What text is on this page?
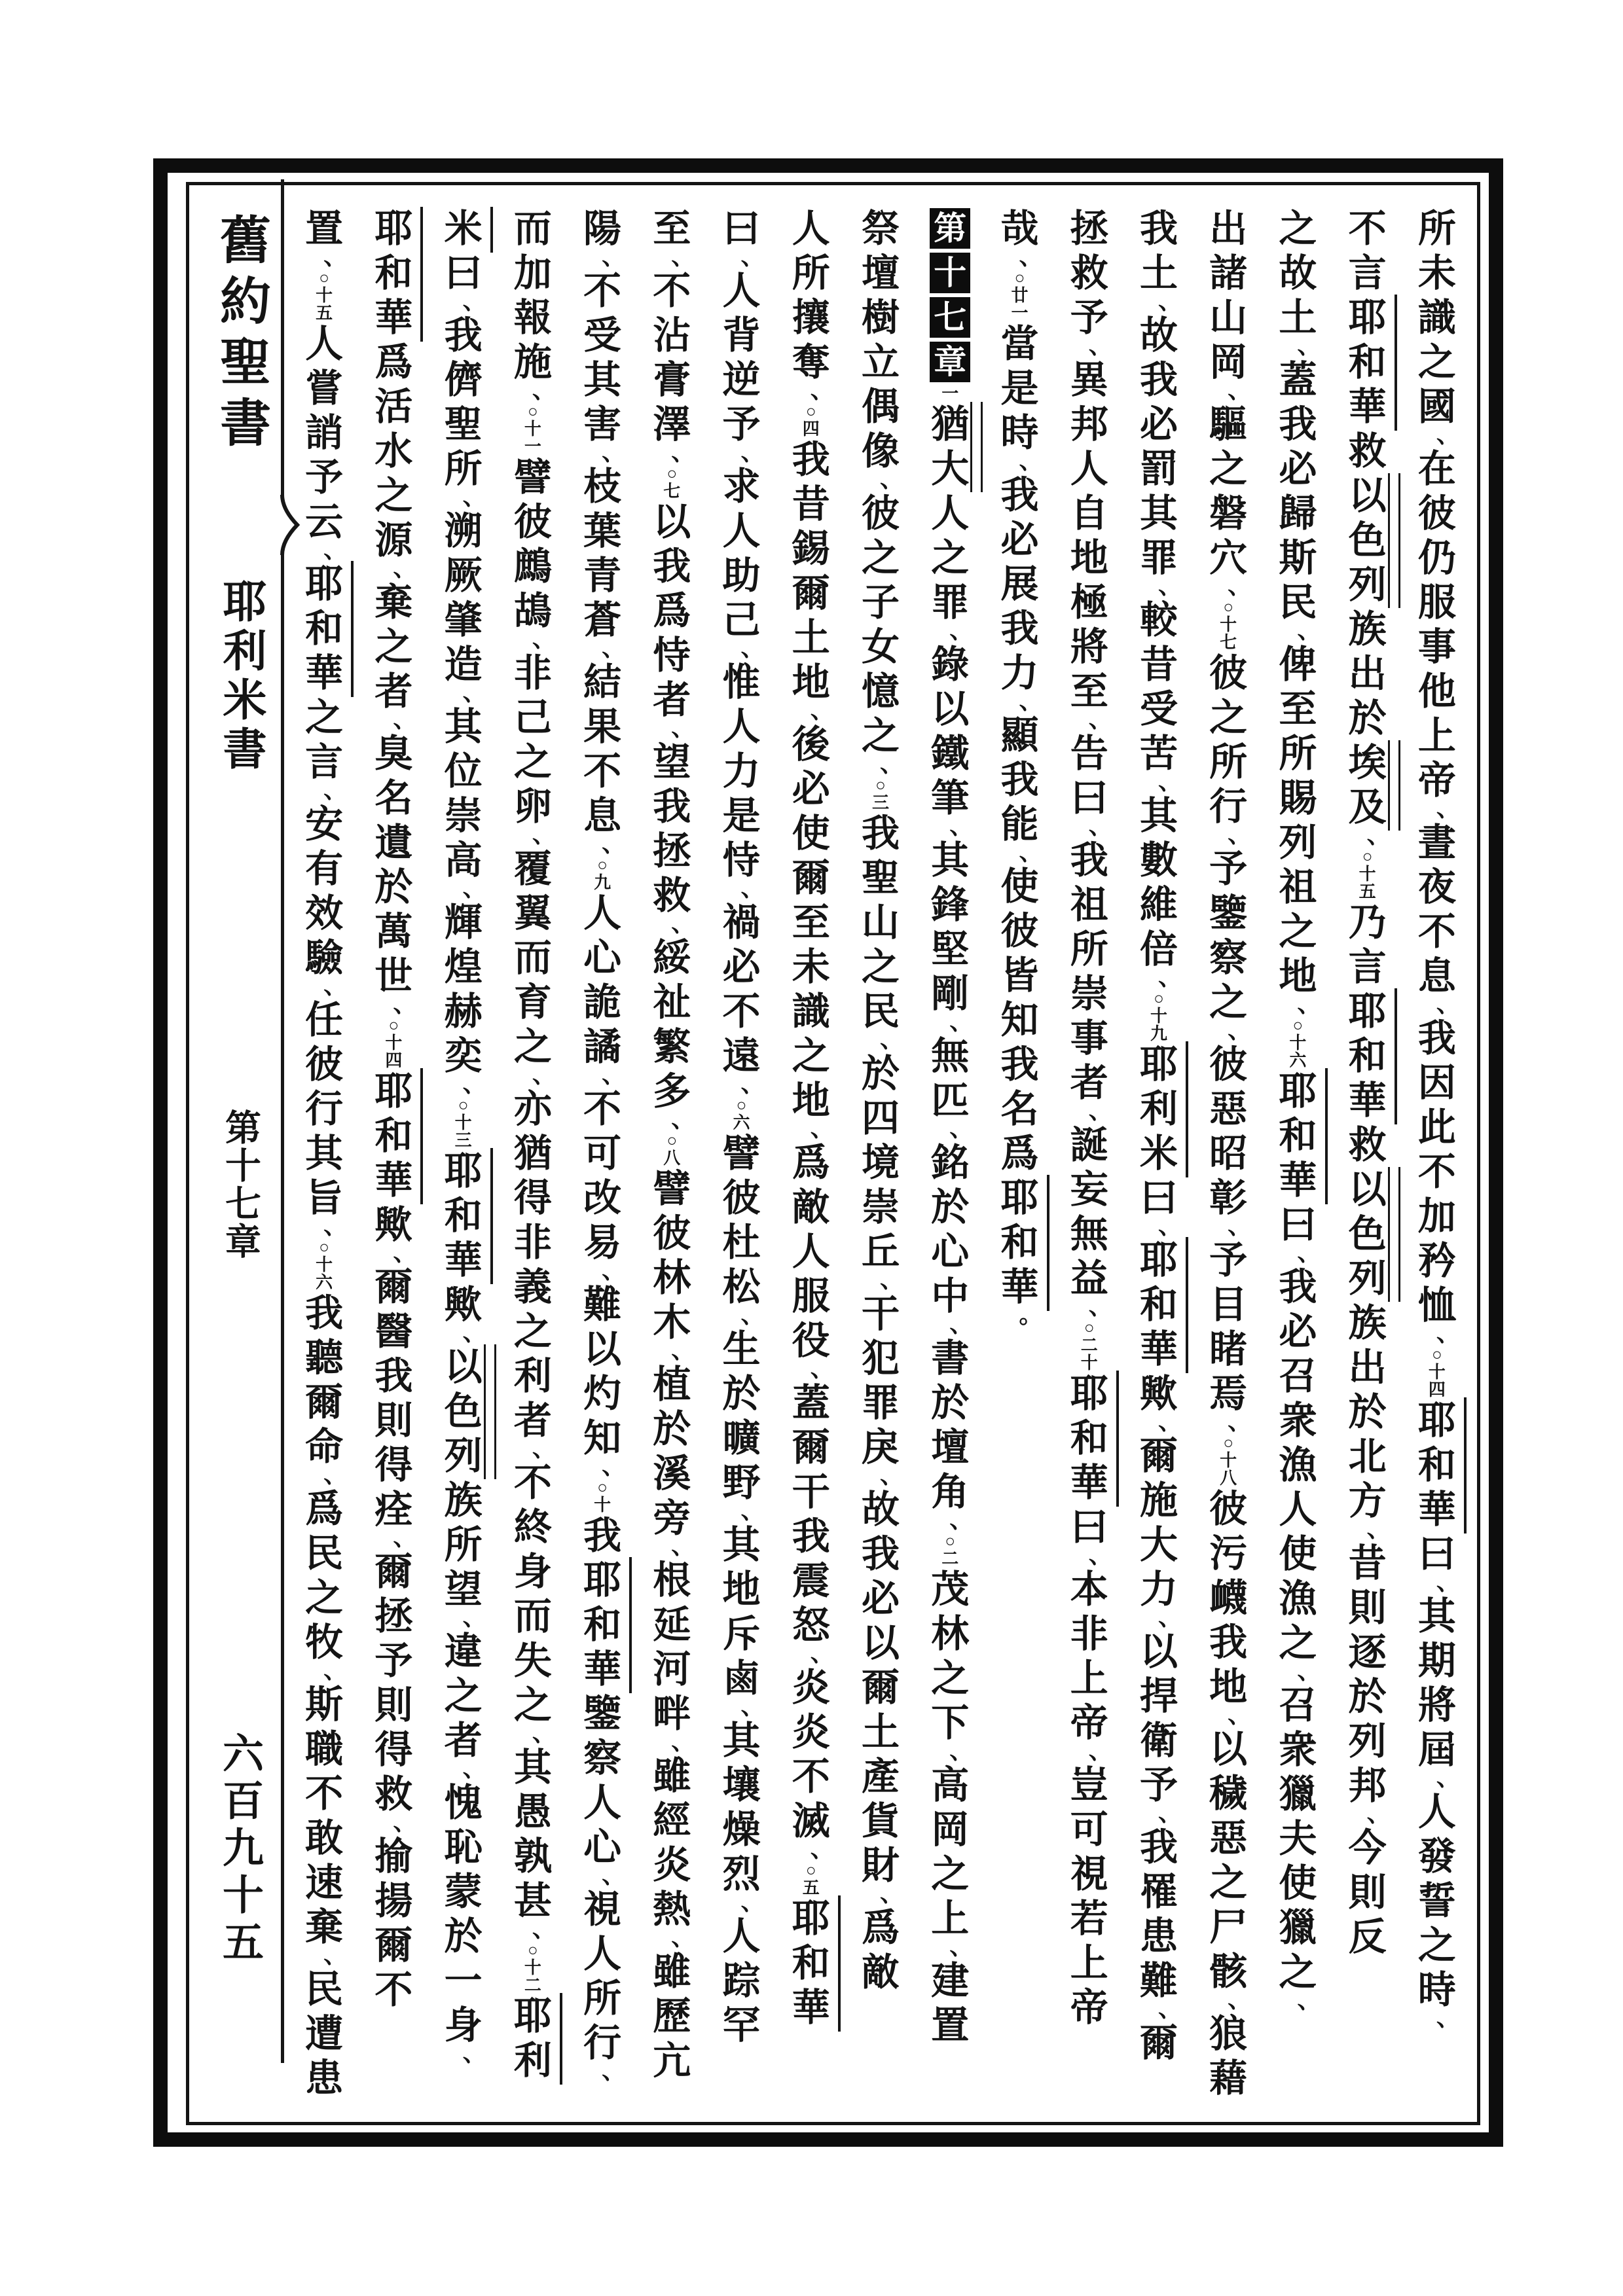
舊約聖書
耶利米書
第十七章
六百九十五
所
未
識
之
國
、
在
彼
仍
服
事
他
上
帝
、
晝
夜
不
息
、
我
因
此
不
加
矜
恤
、
○
十
四
耶
和
華
曰
、
其
期
將
屆
、
人
發
誓
之
時
、
不
言
耶
和
華
救
以
色
列
族
出
於
埃
及
、
○
十
五
乃
言
耶
和
華
救
以
色
列
族
出
於
北
方
、
昔
則
逐
於
列
邦
、
今
則
反
之
故
土
、
蓋
我
必
歸
斯
民
、
俾
至
所
賜
列
祖
之
地
、
○
十
六
耶
和
華
曰
、
我
必
召
衆
漁
人
使
漁
之
、
召
衆
獵
夫
使
獵
之
、
出
諸
山
岡
、
驅
之
磐
穴
、
○
十
七
彼
之
所
行
、
予
鑒
察
之
、
彼
惡
昭
彰
、
予
目
睹
焉
、
○
十
八
彼
污
衊
我
地
、
以
穢
惡
之
尸
骸
、
狼
藉
我
土
、
故
我
必
罰
其
罪
、
較
昔
受
苦
、
其
數
維
倍
、
○
十
九
耶
利
米
曰
、
耶
和
華
歟
、
爾
施
大
力
、
以
捍
衛
予
、
我
罹
患
難
、
爾
拯
救
予
、
異
邦
人
自
地
極
將
至
、
告
曰
、
我
祖
所
崇
事
者
、
誕
妄
無
益
、
○
二
十
耶
和
華
曰
、
本
非
上
帝
、
豈
可
視
若
上
帝
哉
、
○
廿
一
當
是
時
、
我
必
展
我
力
、
顯
我
能
、
使
彼
皆
知
我
名
爲
耶
和
華
。
第
十
七
章
一
猶
大
人
之
罪
、
錄
以
鐵
筆
、
其
鋒
堅
剛
、
無
匹
、
銘
於
心
中
、
書
於
壇
角
、
○
二
茂
林
之
下
、
高
岡
之
上
、
建
置
祭
壇
樹
立
偶
像
、
彼
之
子
女
憶
之
、
○
三
我
聖
山
之
民
、
於
四
境
崇
丘
、
干
犯
罪
戾
、
故
我
必
以
爾
土
產
貨
財
、
爲
敵
人
所
攘
奪
、
○
四
我
昔
錫
爾
土
地
、
後
必
使
爾
至
未
識
之
地
、
爲
敵
人
服
役
、
蓋
爾
干
我
震
怒
、
炎
炎
不
滅
、
○
五
耶
和
華
曰
、
人
背
逆
予
、
求
人
助
己
、
惟
人
力
是
恃
、
禍
必
不
遠
、
○
六
譬
彼
杜
松
、
生
於
曠
野
、
其
地
斥
鹵
、
其
壤
燥
烈
、
人
踪
罕
至
、
不
沾
膏
澤
、
○
七
以
我
爲
恃
者
、
望
我
拯
救
、
綏
祉
繁
多
、
○
八
譬
彼
林
木
、
植
於
溪
旁
、
根
延
河
畔
、
雖
經
炎
熱
、
雖
歷
亢
陽
、
不
受
其
害
、
枝
葉
青
蒼
、
結
果
不
息
、
○
九
人
心
詭
譎
、
不
可
改
易
、
難
以
灼
知
、
○
十
我
耶
和
華
鑒
察
人
心
、
視
人
所
行
、
而
加
報
施
、
○
十
一
譬
彼
鷓
鴣
、
非
己
之
卵
、
覆
翼
而
育
之
、
亦
猶
得
非
義
之
利
者
、
不
終
身
而
失
之
、
其
愚
孰
甚
、
○
十
二
耶
利
米
曰
、
我
儕
聖
所
、
溯
厥
肇
造
、
其
位
崇
高
、
輝
煌
赫
奕
、
○
十
三
耶
和
華
歟
、
以
色
列
族
所
望
、
違
之
者
、
愧
恥
蒙
於
一
身
、
耶
和
華
爲
活
水
之
源
、
棄
之
者
、
臭
名
遺
於
萬
世
、
○
十
四
耶
和
華
歟
、
爾
醫
我
則
得
痊
、
爾
拯
予
則
得
救
、
揄
揚
爾
不
置
、
○
十
五
人
嘗
誚
予
云
、
耶
和
華
之
言
、
安
有
效
驗
、
任
彼
行
其
旨
、
○
十
六
我
聽
爾
命
、
爲
民
之
牧
、
斯
職
不
敢
速
棄
、
民
遭
患
